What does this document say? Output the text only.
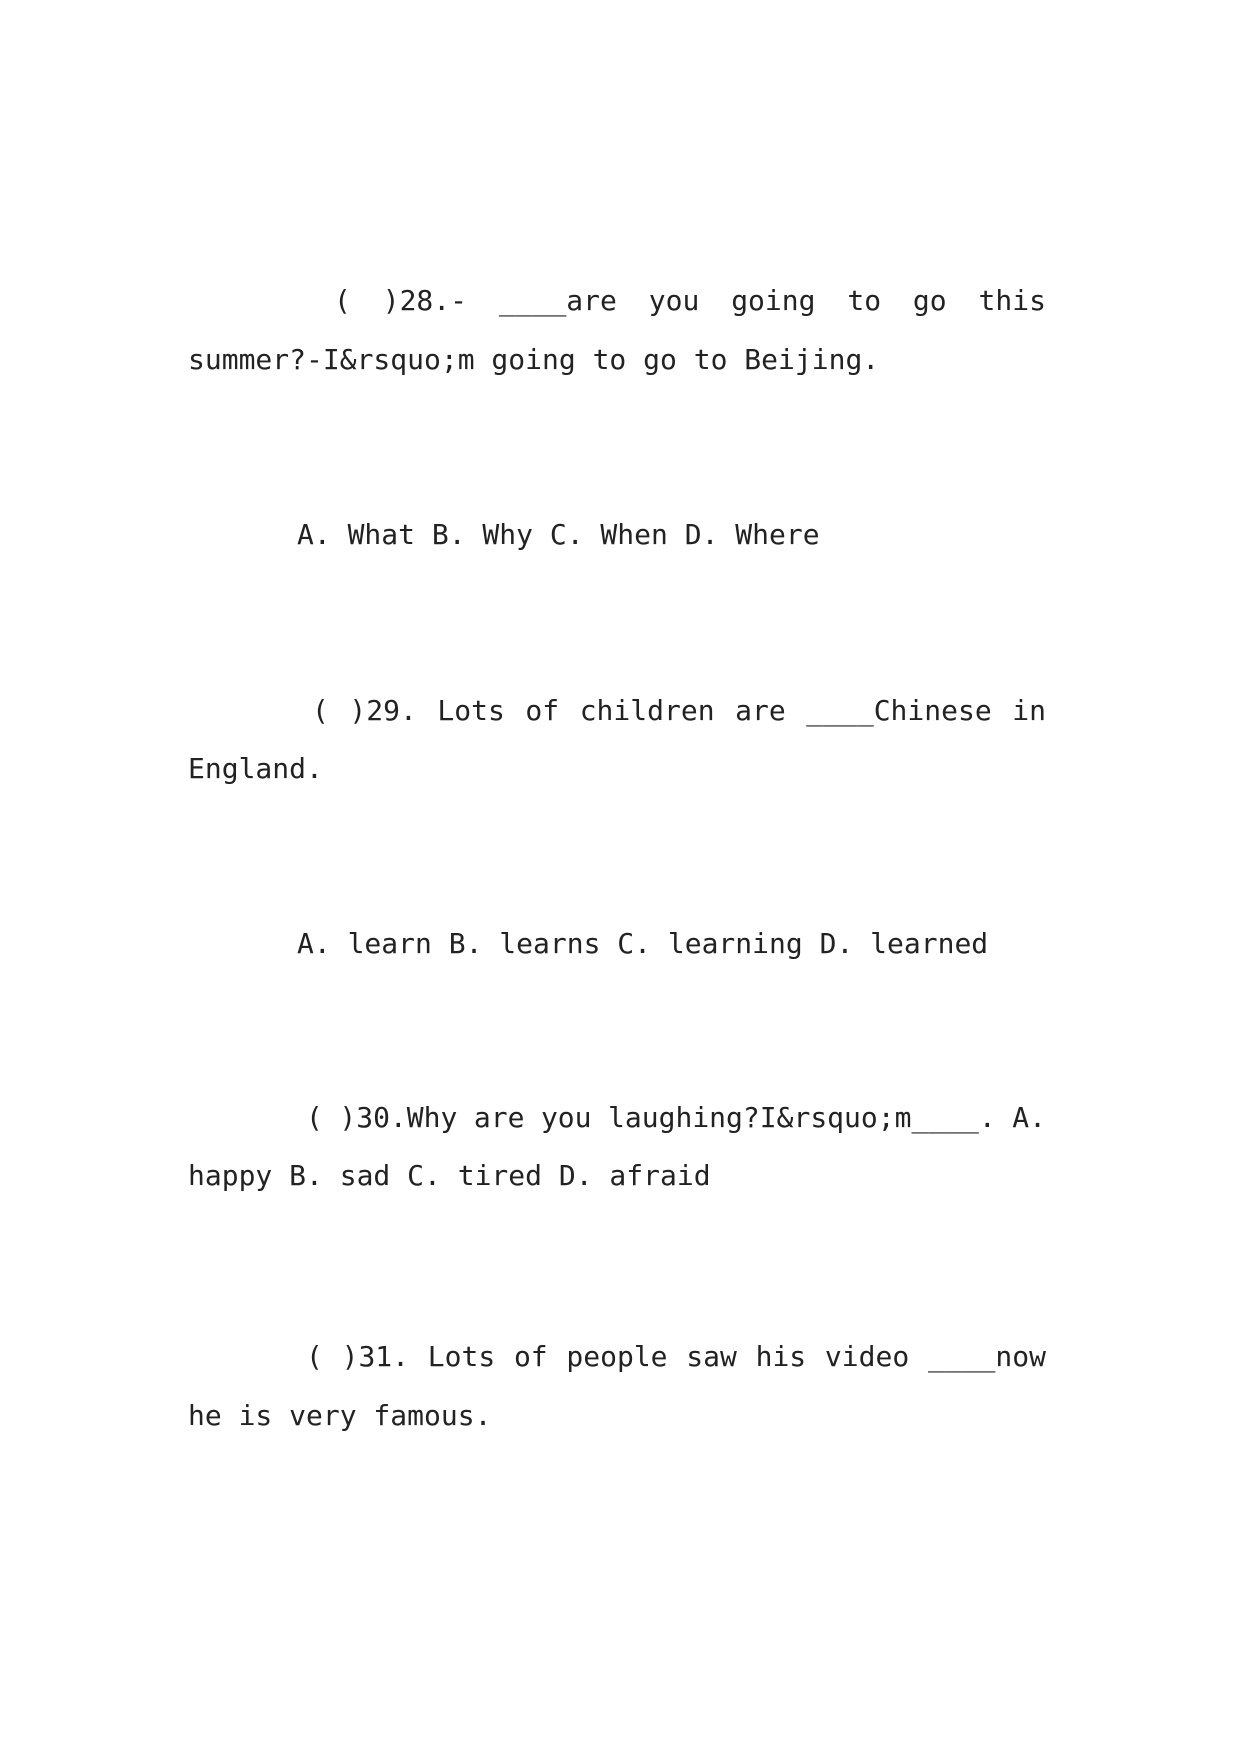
( )28.- ____are you going to go this
summer?-I&rsquo;m going to go to Beijing.
A. What B. Why C. When D. Where
( )29. Lots of children are ____Chinese in
England.
A. learn B. learns C. learning D. learned
( )30.Why are you laughing?I&rsquo;m____. A.
happy B. sad C. tired D. afraid
( )31. Lots of people saw his video ____now
he is very famous.
